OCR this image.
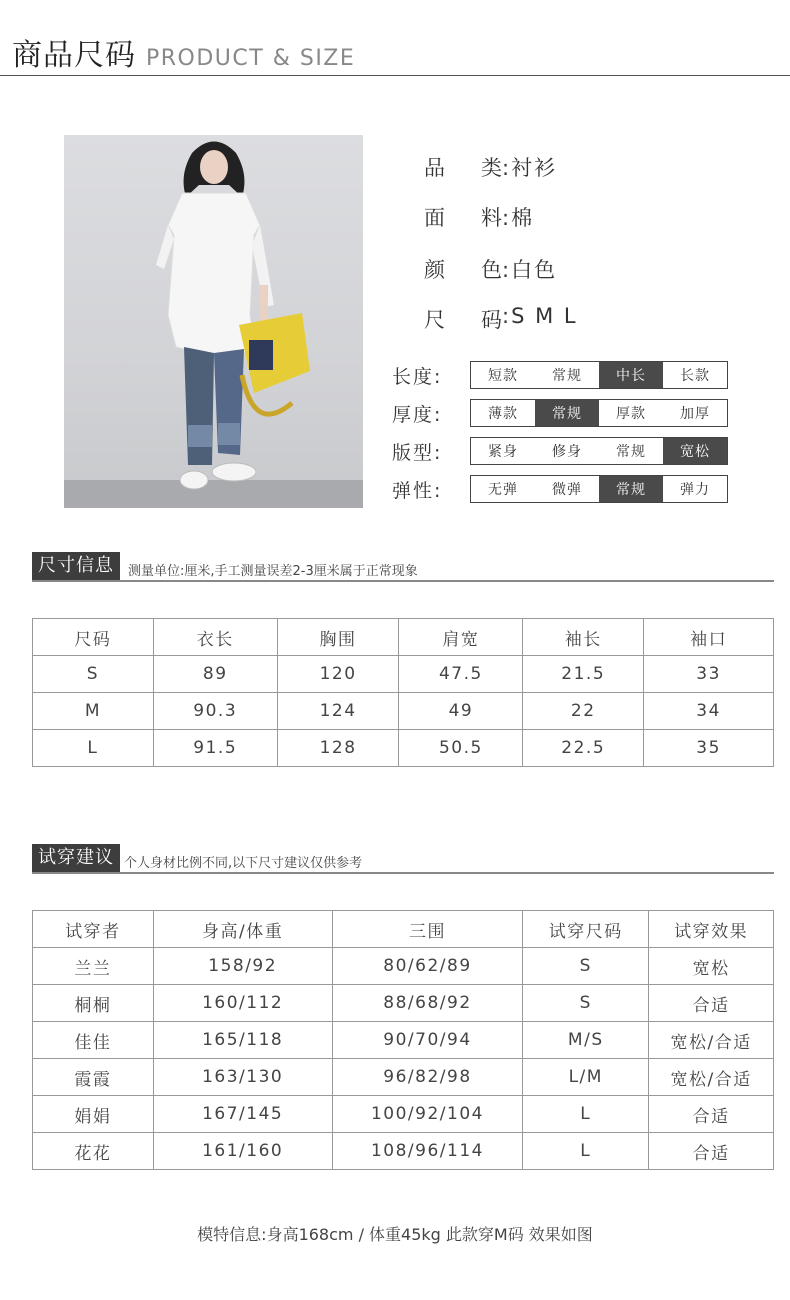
商品尺码 PRODUCT & SIZE
品 类 :衬衫
面 料 :棉
颜 色 :白色
尺 码 :S M L
长度:	短款	常规	中长	长款
厚度:	薄款	常规	厚款	加厚
版型:	紧身	修身	常规	宽松
弹性:	无弹	微弹	常规	弹力
尺寸信息	测量单位:厘米,手工测量误差2-3厘米属于正常现象
尺码	衣长	胸围	肩宽	袖长	袖口
S	89	120	47.5	21.5	33
M	90.3	124	49	22	34
L	91.5	128	50.5	22.5	35
试穿建议 个人身材比例不同,以下尺寸建议仅供参考
试穿者	身高/体重	三围	试穿尺码	试穿效果
兰兰	158/92	80/62/89	S	宽松
桐桐	160/112	88/68/92	S	合适
佳佳	165/118	90/70/94	M/S	宽松/合适
霞霞	163/130	96/82/98	L/M	宽松/合适
娟娟	167/145	100/92/104	L	合适
花花	161/160	108/96/114	L	合适
模特信息:身高168cm / 体重45kg 此款穿M码 效果如图
